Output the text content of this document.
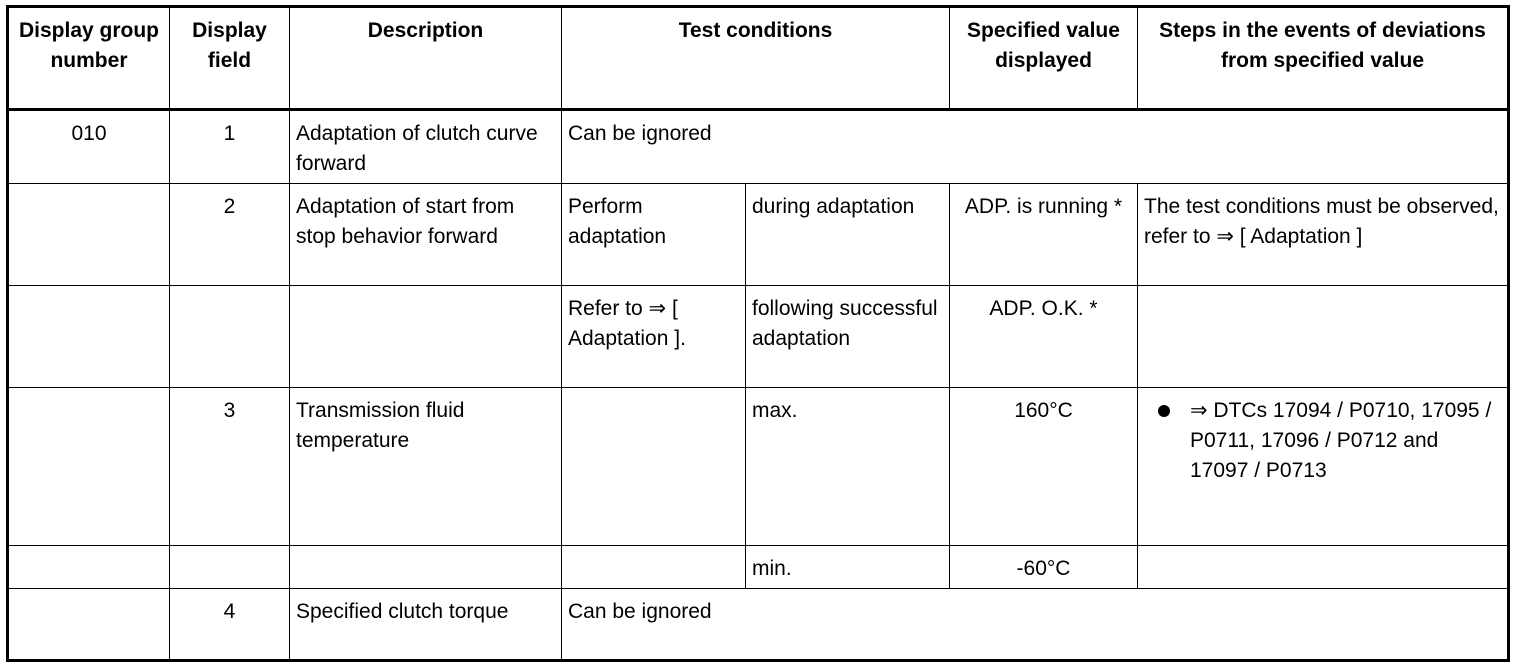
Display group number	Display field	Description	Test conditions		Specified value displayed	Steps in the events of deviations from specified value
010	1	Adaptation of clutch curve forward	Can be ignored			
	2	Adaptation of start from stop behavior forward	Perform adaptation	during adaptation	ADP. is running *	The test conditions must be observed, refer to ⇒ [ Adaptation ]
			Refer to ⇒ [ Adaptation ].	following successful adaptation	ADP. O.K. *	
	3	Transmission fluid temperature		max.	160°C	⇒ DTCs 17094 / P0710, 17095 / P0711, 17096 / P0712 and 17097 / P0713

				min.	-60°C	
	4	Specified clutch torque	Can be ignored			
